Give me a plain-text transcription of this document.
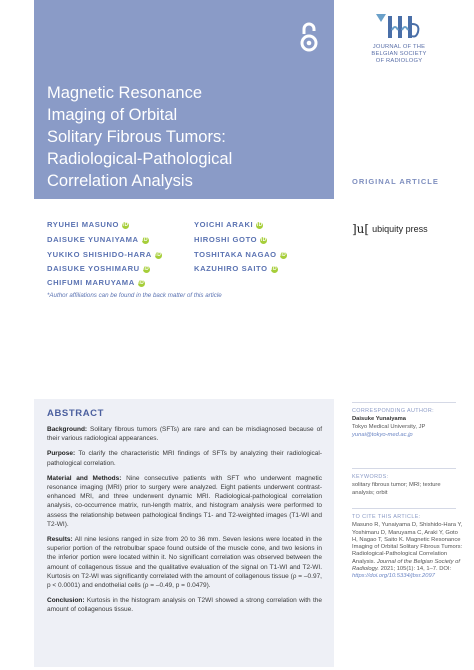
Magnetic Resonance
Imaging of Orbital
Solitary Fibrous Tumors:
Radiological-Pathological
Correlation Analysis
JOURNAL OF THE
BELGIAN SOCIETY
OF RADIOLOGY
ORIGINAL ARTICLE
RYUHEI MASUNO iD
DAISUKE YUNAIYAMA iD
YUKIKO SHISHIDO-HARA iD
DAISUKE YOSHIMARU iD
CHIFUMI MARUYAMA iD
YOICHI ARAKI iD
HIROSHI GOTO iD
TOSHITAKA NAGAO iD
KAZUHIRO SAITO iD
*Author affiliations can be found in the back matter of this article
]u[ ubiquity press
ABSTRACT

Background: Solitary fibrous tumors (SFTs) are rare and can be misdiagnosed because of their various radiological appearances.

Purpose: To clarify the characteristic MRI findings of SFTs by analyzing their radiological-pathological correlation.

Material and Methods: Nine consecutive patients with SFT who underwent magnetic resonance imaging (MRI) prior to surgery were analyzed. Eight patients underwent contrast-enhanced MRI, and three underwent dynamic MRI. Radiological-pathological correlation analysis, co-occurrence matrix, run-length matrix, and histogram analysis were performed to assess the relationship between pathological findings T1- and T2-weighted images (T1-WI and T2-WI).

Results: All nine lesions ranged in size from 20 to 36 mm. Seven lesions were located in the superior portion of the retrobulbar space found outside of the muscle cone, and two lesions in the inferior portion were located within it. No significant correlation was observed between the amount of collagenous tissue and the qualitative evaluation of the signal on T1-WI and T2-WI. Kurtosis on T2-WI was significantly correlated with the amount of collagenous tissue (ρ = –0.97, p < 0.0001) and endothelial cells (ρ = –0.49, p = 0.0479).

Conclusion: Kurtosis in the histogram analysis on T2WI showed a strong correlation with the amount of collagenous tissue.

CORRESPONDING AUTHOR:
Daisuke Yunaiyama
Tokyo Medical University, JP
yunai@tokyo-med.ac.jp
KEYWORDS:
solitary fibrous tumor; MRI; texture analysis; orbit
TO CITE THIS ARTICLE:
Masuno R, Yunaiyama D, Shishido-Hara Y, Yoshimaru D, Maruyama C, Araki Y, Goto H, Nagao T, Saito K. Magnetic Resonance Imaging of Orbital Solitary Fibrous Tumors: Radiological-Pathological Correlation Analysis. Journal of the Belgian Society of Radiology. 2021; 105(1): 14, 1–7. DOI: https://doi.org/10.5334/jbsr.2097
